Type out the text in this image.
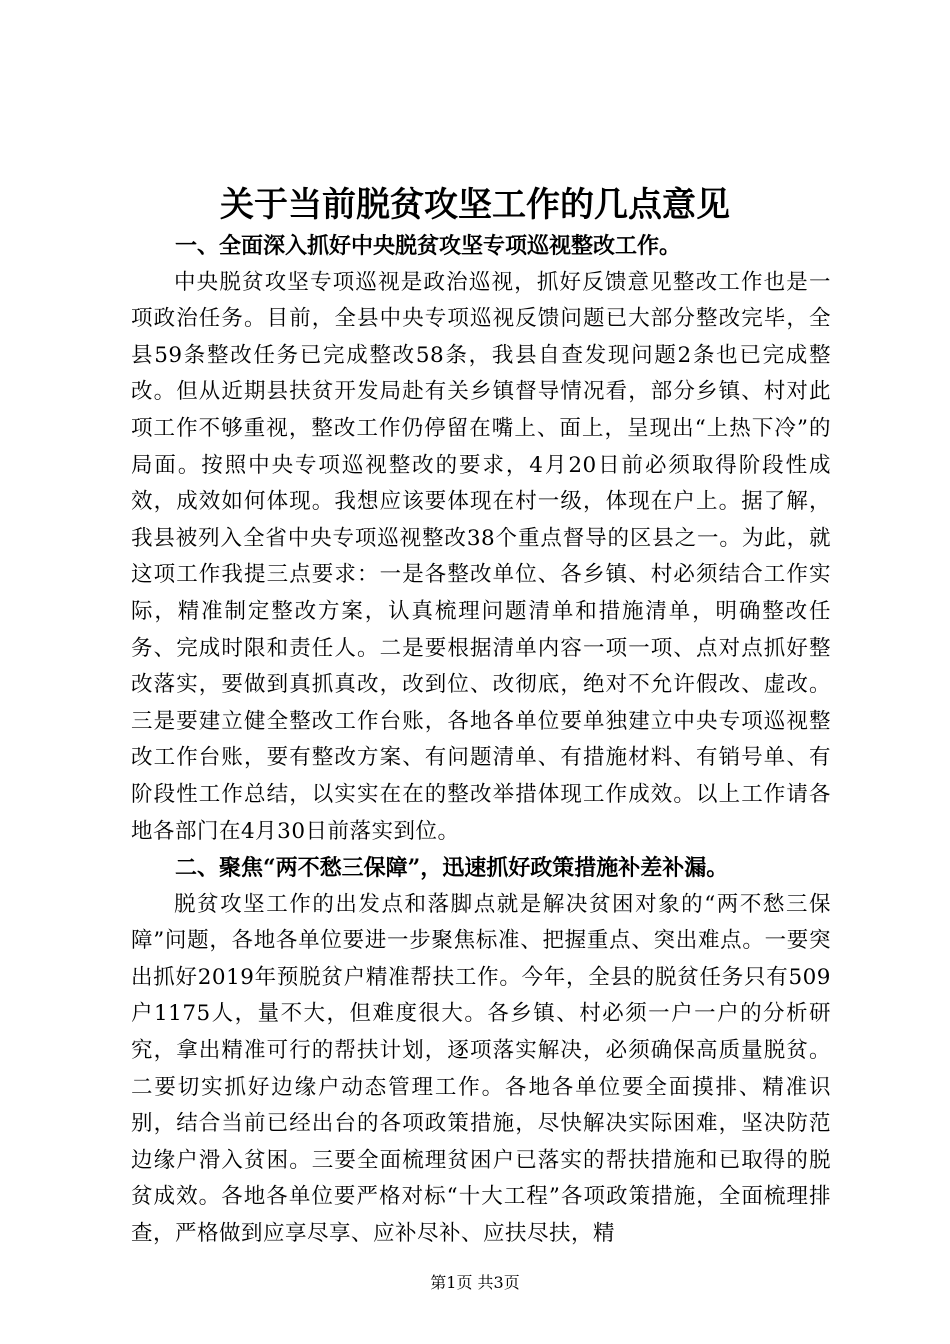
关于当前脱贫攻坚工作的几点意见

一、全面深入抓好中央脱贫攻坚专项巡视整改工作。

中央脱贫攻坚专项巡视是政治巡视，抓好反馈意见整改工作也是一项政治任务。目前，全县中央专项巡视反馈问题已大部分整改完毕，全县59条整改任务已完成整改58条，我县自查发现问题2条也已完成整改。但从近期县扶贫开发局赴有关乡镇督导情况看，部分乡镇、村对此项工作不够重视，整改工作仍停留在嘴上、面上，呈现出“上热下冷”的局面。按照中央专项巡视整改的要求，4月20日前必须取得阶段性成效，成效如何体现。我想应该要体现在村一级，体现在户上。据了解，我县被列入全省中央专项巡视整改38个重点督导的区县之一。为此，就这项工作我提三点要求：一是各整改单位、各乡镇、村必须结合工作实际，精准制定整改方案，认真梳理问题清单和措施清单，明确整改任务、完成时限和责任人。二是要根据清单内容一项一项、点对点抓好整改落实，要做到真抓真改，改到位、改彻底，绝对不允许假改、虚改。三是要建立健全整改工作台账，各地各单位要单独建立中央专项巡视整改工作台账，要有整改方案、有问题清单、有措施材料、有销号单、有阶段性工作总结，以实实在在的整改举措体现工作成效。以上工作请各地各部门在4月30日前落实到位。

二、聚焦“两不愁三保障”，迅速抓好政策措施补差补漏。

脱贫攻坚工作的出发点和落脚点就是解决贫困对象的“两不愁三保障”问题，各地各单位要进一步聚焦标准、把握重点、突出难点。一要突出抓好2019年预脱贫户精准帮扶工作。今年，全县的脱贫任务只有509户1175人，量不大，但难度很大。各乡镇、村必须一户一户的分析研究，拿出精准可行的帮扶计划，逐项落实解决，必须确保高质量脱贫。二要切实抓好边缘户动态管理工作。各地各单位要全面摸排、精准识别，结合当前已经出台的各项政策措施，尽快解决实际困难，坚决防范边缘户滑入贫困。三要全面梳理贫困户已落实的帮扶措施和已取得的脱贫成效。各地各单位要严格对标“十大工程”各项政策措施，全面梳理排查，严格做到应享尽享、应补尽补、应扶尽扶，精

第1页 共3页
